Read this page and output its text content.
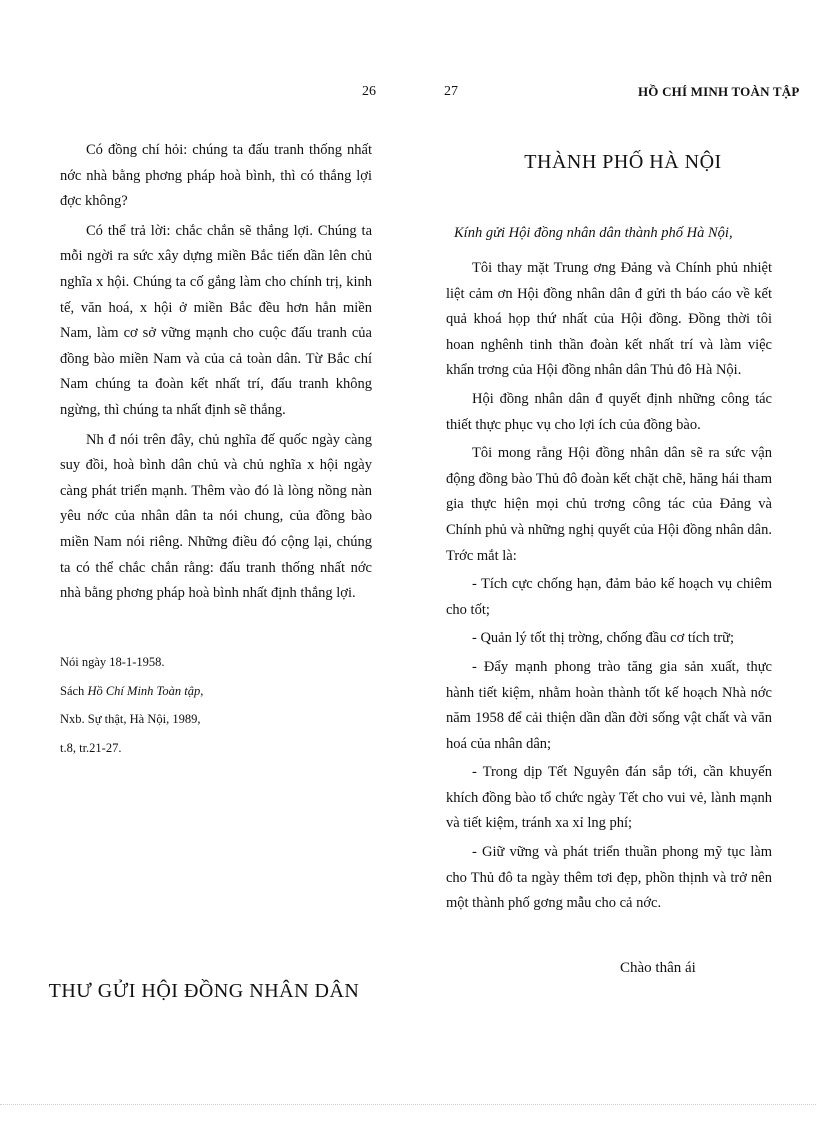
26

Có đồng chí hỏi: chúng ta đấu tranh thống nhất nớc nhà bằng phơng pháp hoà bình, thì có thắng lợi đợc không?

Có thể trả lời: chắc chắn sẽ thắng lợi. Chúng ta mỗi ngời ra sức xây dựng miền Bắc tiến dần lên chủ nghĩa x hội. Chúng ta cố gắng làm cho chính trị, kinh tế, văn hoá, x hội ở miền Bắc đều hơn hẳn miền Nam, làm cơ sở vững mạnh cho cuộc đấu tranh của đồng bào miền Nam và của cả toàn dân. Từ Bắc chí Nam chúng ta đoàn kết nhất trí, đấu tranh không ngừng, thì chúng ta nhất định sẽ thắng.

Nh đ nói trên đây, chủ nghĩa đế quốc ngày càng suy đồi, hoà bình dân chủ và chủ nghĩa x hội ngày càng phát triển mạnh. Thêm vào đó là lòng nồng nàn yêu nớc của nhân dân ta nói chung, của đồng bào miền Nam nói riêng. Những điều đó cộng lại, chúng ta có thể chắc chắn rằng: đấu tranh thống nhất nớc nhà bằng phơng pháp hoà bình nhất định thắng lợi.

Nói ngày 18-1-1958.
Sách Hồ Chí Minh Toàn tập,
Nxb. Sự thật, Hà Nội, 1989,
t.8, tr.21-27.
THƯ GỬI HỘI ĐỒNG NHÂN DÂN
27	HỒ CHÍ MINH TOÀN TẬP
THÀNH PHỐ HÀ NỘI
Kính gửi Hội đồng nhân dân thành phố Hà Nội,

Tôi thay mặt Trung ơng Đảng và Chính phủ nhiệt liệt cảm ơn Hội đồng nhân dân đ gửi th báo cáo về kết quả khoá họp thứ nhất của Hội đồng. Đồng thời tôi hoan nghênh tinh thần đoàn kết nhất trí và làm việc khẩn trơng của Hội đồng nhân dân Thủ đô Hà Nội.

Hội đồng nhân dân đ quyết định những công tác thiết thực phục vụ cho lợi ích của đồng bào.

Tôi mong rằng Hội đồng nhân dân sẽ ra sức vận động đồng bào Thủ đô đoàn kết chặt chẽ, hăng hái tham gia thực hiện mọi chủ trơng công tác của Đảng và Chính phủ và những nghị quyết của Hội đồng nhân dân. Trớc mắt là:

- Tích cực chống hạn, đảm bảo kế hoạch vụ chiêm cho tốt;

- Quản lý tốt thị trờng, chống đầu cơ tích trữ;

- Đẩy mạnh phong trào tăng gia sản xuất, thực hành tiết kiệm, nhằm hoàn thành tốt kế hoạch Nhà nớc năm 1958 để cải thiện dần dần đời sống vật chất và văn hoá của nhân dân;

- Trong dịp Tết Nguyên đán sắp tới, cần khuyến khích đồng bào tổ chức ngày Tết cho vui vẻ, lành mạnh và tiết kiệm, tránh xa xỉ lng phí;

- Giữ vững và phát triển thuần phong mỹ tục làm cho Thủ đô ta ngày thêm tơi đẹp, phồn thịnh và trở nên một thành phố gơng mẫu cho cả nớc.

Chào thân ái
